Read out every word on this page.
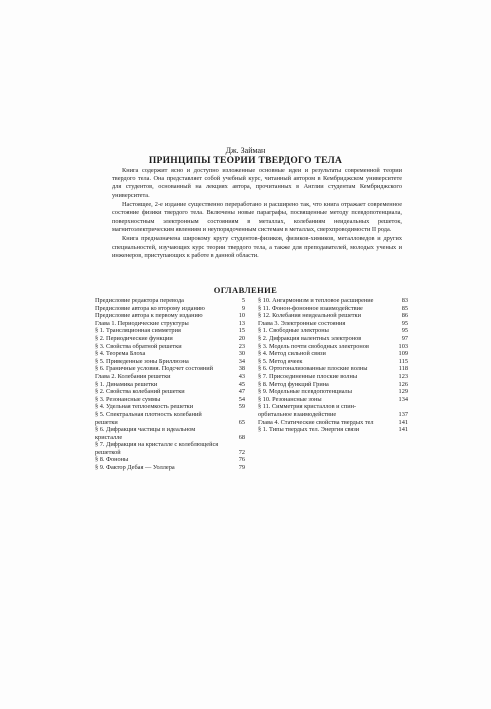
Дж. Займан
ПРИНЦИПЫ ТЕОРИИ ТВЕРДОГО ТЕЛА

Книга содержит ясно и доступно изложенные основные идеи и результаты современной теории твердого тела. Она представляет собой учебный курс, читанный автором в Кембриджском университете для студентов, основанный на лекциях автора, прочитанных в Англии студентам Кембриджского университета.

Настоящее, 2-е издание существенно переработано и расширено так, что книга отражает современное состояние физики твердого тела. Включены новые параграфы, посвященные методу псевдопотенциала, поверхностным электронным состояниям в металлах, колебаниям неидеальных решеток, магнитоэлектрическим явлениям и неупорядоченным системам в металлах, сверхпроводимости II рода.

Книга предназначена широкому кругу студентов-физиков, физиков-химиков, металловедов и других специальностей, изучающих курс теории твердого тела, а также для преподавателей, молодых ученых и инженеров, приступающих к работе в данной области.

ОГЛАВЛЕНИЕ
Предисловие редактора перевода	5
Предисловие автора ко второму изданию	9
Предисловие автора к первому изданию	10
Глава 1. Периодические структуры	13
§ 1. Трансляционная симметрия	15
§ 2. Периодические функции	20
§ 3. Свойства обратной решетки	23
§ 4. Теорема Блоха	30
§ 5. Приведенные зоны Бриллюэна	34
§ 6. Граничные условия. Подсчет состояний	38
Глава 2. Колебания решетки	43
§ 1. Динамика решетки	45
§ 2. Свойства колебаний решетки	47
§ 3. Резонансные суммы	54
§ 4. Удельная теплоемкость решетки	59
§ 5. Спектральная плотность колебаний решетки	65
§ 6. Дифракция частицы в идеальном кристалле	68
§ 7. Дифракция на кристалле с колеблющейся решеткой	72
§ 8. Фононы	76
§ 9. Фактор Дебая — Уоллера	79
§ 10. Ангармонизм и тепловое расширение	83
§ 11. Фонон-фононное взаимодействие	85
§ 12. Колебания неидеальной решетки	86
Глава 3. Электронные состояния	95
§ 1. Свободные электроны	95
§ 2. Дифракция валентных электронов	97
§ 3. Модель почти свободных электронов	103
§ 4. Метод сильной связи	109
§ 5. Метод ячеек	115
§ 6. Ортогонализованные плоские волны	118
§ 7. Присоединенные плоские волны	123
§ 8. Метод функций Грина	126
§ 9. Модельные псевдопотенциалы	129
§ 10. Резонансные зоны	134
§ 11. Симметрия кристаллов и спин-орбитальное взаимодействие	137
Глава 4. Статические свойства твердых тел	141
§ 1. Типы твердых тел. Энергия связи	141
